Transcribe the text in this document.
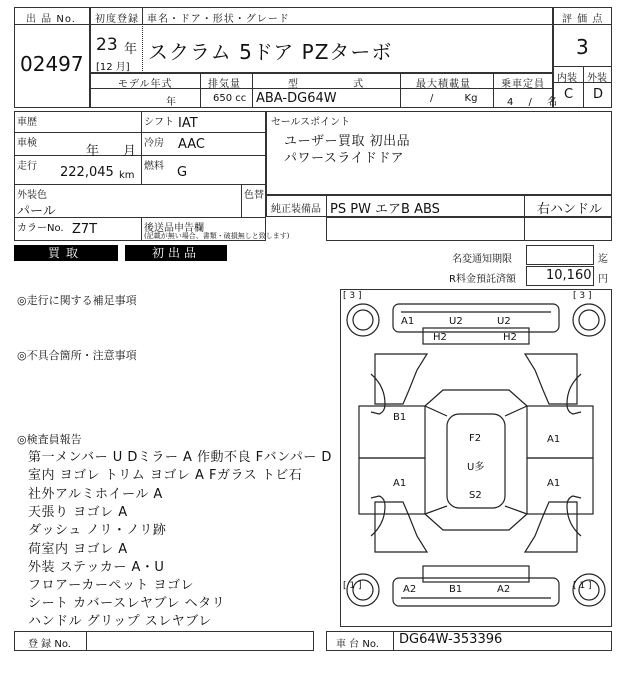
出 品 No.
02497
初度登録 車名・ドア・形状・グレード
23 年
[12 月]
スクラム 5ドア PZターボ
評 価 点
3
内装 外装
C D
モデル年式	排気量	型 式	最大積載量	乗車定員
年	650 cc ABA-DG64W	/ Kg	4 / 名
車歴	シフト IAT
車検
年 月
冷房 AAC
走行 222,045 km
燃料 G
外装色
パール
色替
カラーNo. Z7T	後送品申告欄
(記載が無い場合、書類・破損無しと致します)
セールスポイント
ユーザー買取 初出品
パワースライドドア
純正装備品 PS PW エアB ABS	右ハンドル
買取	初出品	名変通知期限	迄
R料金預託済額 10,160 円
◎走行に関する補足事項
◎不具合箇所・注意事項
◎検査員報告
第一メンバー U Dミラー A 作動不良 Fバンパー D
室内 ヨゴレ トリム ヨゴレ A Fガラス トビ石
社外アルミホイール A
天張り ヨゴレ A
ダッシュ ノリ・ノリ跡
荷室内 ヨゴレ A
外装 ステッカー A・U
フロアーカーペット ヨゴレ
シート カバースレヤブレ ヘタリ
ハンドル グリップ スレヤブレ
[ 3 ]	[ 3 ]
[ 1 ]	[ 1 ]
A1	U2	U2
H2	H2
B1
A1
A1	A1
F2
U多
S2
A2	B1	A2
登 録 No.	車 台 No. DG64W-353396
